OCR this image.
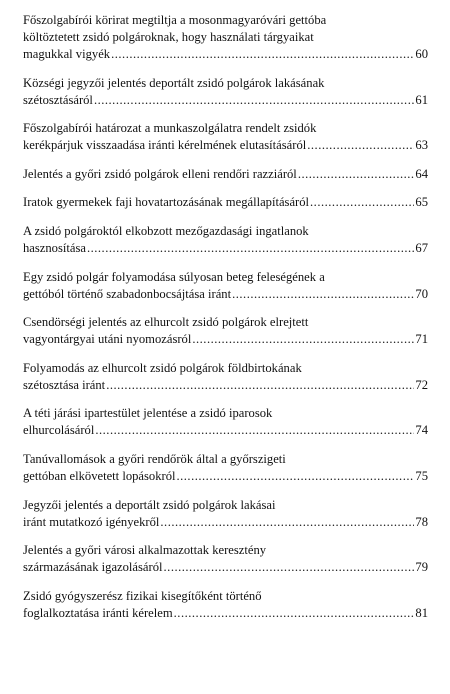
Főszolgabírói körirat megtiltja a mosonmagyaróvári gettóba
költöztetett zsidó polgároknak, hogy használati tárgyaikat
magukkal vigyék .....	60
Községi jegyzői jelentés deportált zsidó polgárok lakásának
szétosztásáról .....	61
Főszolgabírói határozat a munkaszolgálatra rendelt zsidók
kerékpárjuk visszaadása iránti kérelmének elutasításáról .....	63
Jelentés a győri zsidó polgárok elleni rendőri razziáról .....	64
Iratok gyermekek faji hovatartozásának megállapításáról .....	65
A zsidó polgároktól elkobzott mezőgazdasági ingatlanok
hasznosítása .....	67
Egy zsidó polgár folyamodása súlyosan beteg feleségének a
gettóból történő szabadonbocsájtása iránt .....	70
Csendörségi jelentés az elhurcolt zsidó polgárok elrejtett
vagyontárgyai utáni nyomozásról .....	71
Folyamodás az elhurcolt zsidó polgárok földbirtokának
szétosztása iránt .....	72
A téti járási ipartestület jelentése a zsidó iparosok
elhurcolásáról .....	74
Tanúvallomások a győri rendőrök által a győrszigeti
gettóban elkövetett lopásokról .....	75
Jegyzői jelentés a deportált zsidó polgárok lakásai
iránt mutatkozó igényekről .....	78
Jelentés a győri városi alkalmazottak keresztény
származásának igazolásáról .....	79
Zsidó gyógyszerész fizikai kisegítőként történő
foglalkoztatása iránti kérelem .....	81
